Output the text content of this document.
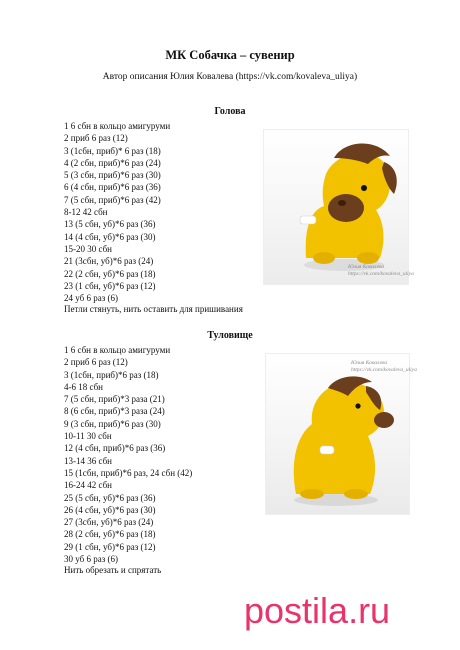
МК Собачка – сувенир
Автор описания Юлия Ковалева (https://vk.com/kovaleva_uliya)
Голова
1 6 сбн в кольцо амигуруми
2 приб 6 раз (12)
3 (1сбн, приб)* 6 раз (18)
4 (2 сбн, приб)*6 раз (24)
5 (3 сбн, приб)*6 раз (30)
6 (4 сбн, приб)*6 раз (36)
7 (5 сбн, приб)*6 раз (42)
8-12 42 сбн
13 (5 сбн, уб)*6 раз (36)
14 (4 сбн, уб)*6 раз (30)
15-20 30 сбн
21 (3сбн, уб)*6 раз (24)
22 (2 сбн, уб)*6 раз (18)
23 (1 сбн, уб)*6 раз (12)
24 уб 6 раз (6)
Петли стянуть, нить оставить для пришивания
Юлия Ковалева https://vk.com/kovaleva_uliya
Туловище
1 6 сбн в кольцо амигуруми
2 приб 6 раз (12)
3 (1сбн, приб)*6 раз (18)
4-6 18 сбн
7 (5 сбн, приб)*3 раза (21)
8 (6 сбн, приб)*3 раза (24)
9 (3 сбн, приб)*6 раз (30)
10-11 30 сбн
12 (4 сбн, приб)*6 раз (36)
13-14 36 сбн
15 (1сбн, приб)*6 раз, 24 сбн (42)
16-24 42 сбн
25 (5 сбн, уб)*6 раз (36)
26 (4 сбн, уб)*6 раз (30)
27 (3сбн, уб)*6 раз (24)
28 (2 сбн, уб)*6 раз (18)
29 (1 сбн, уб)*6 раз (12)
30 уб 6 раз (6)
Нить обрезать и спрятать
Юлия Ковалева https://vk.com/kovaleva_uliya
postila.ru
